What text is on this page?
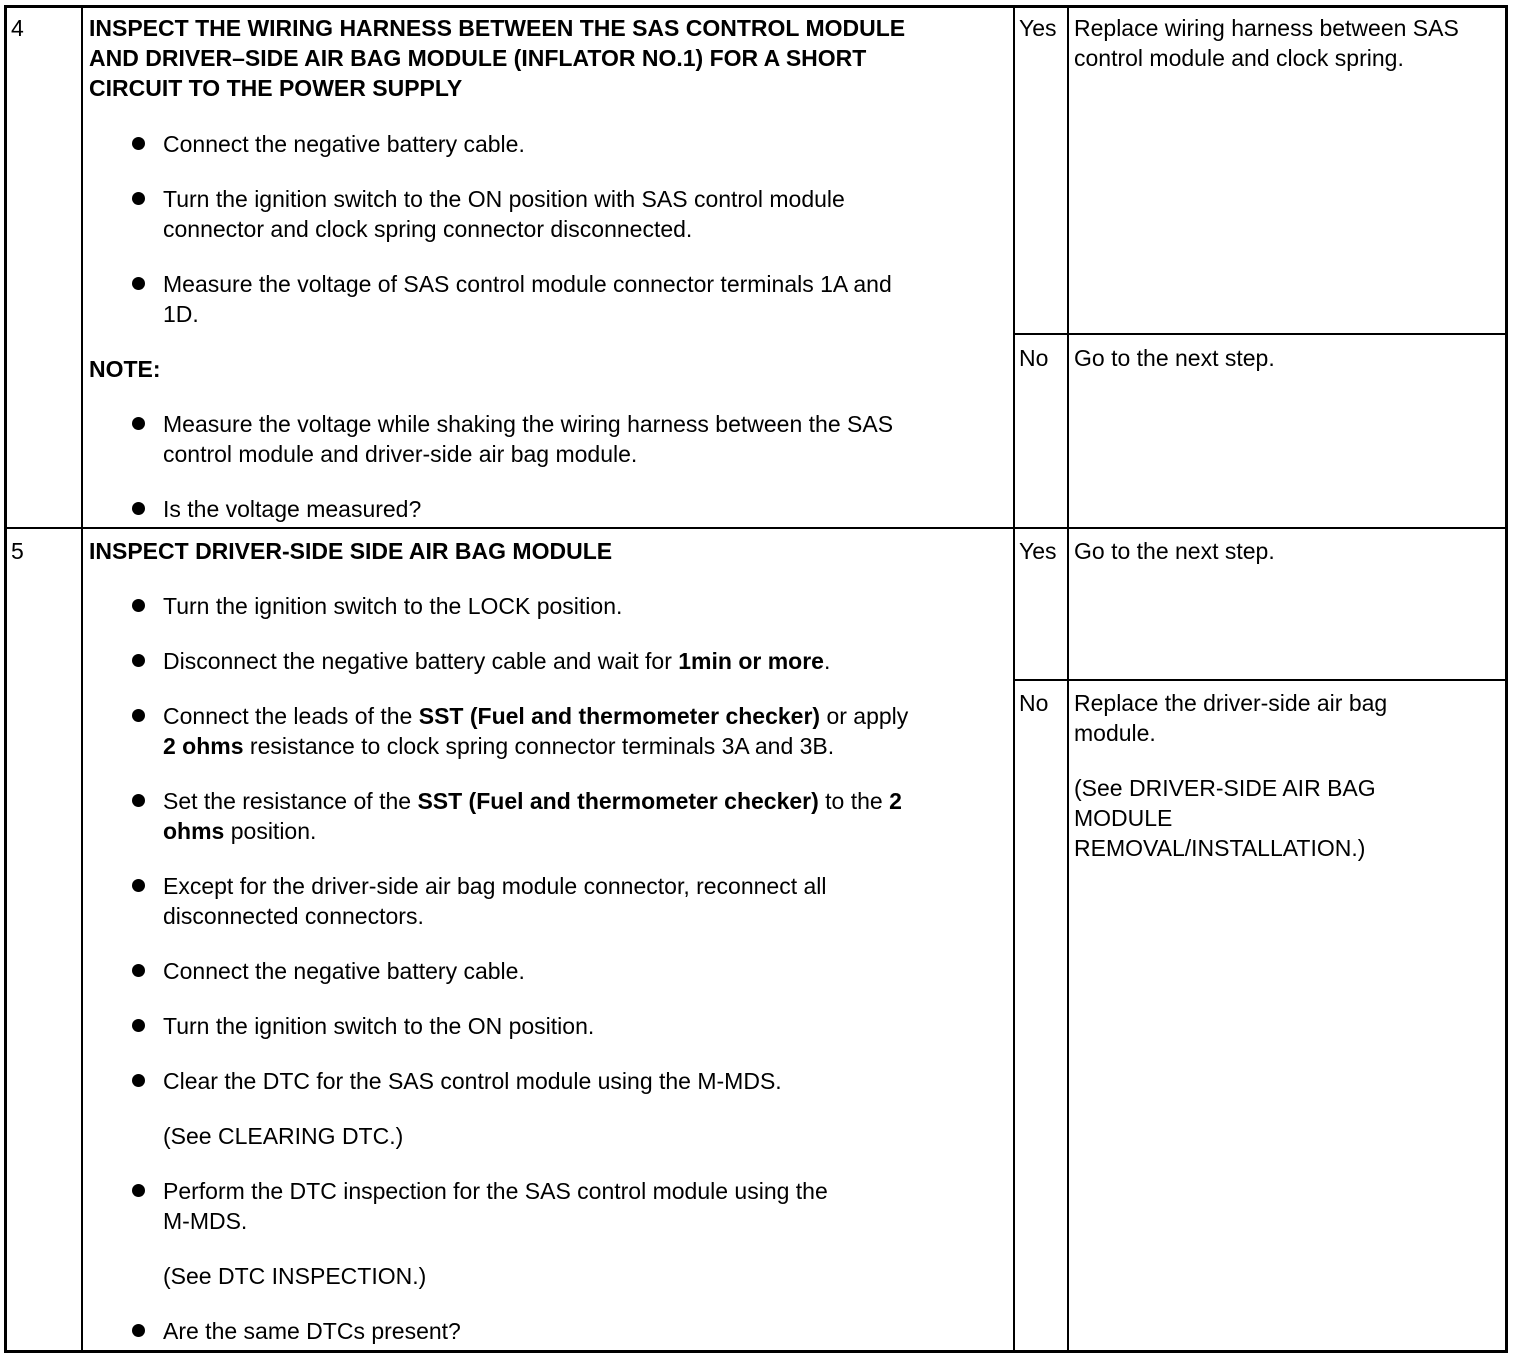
4	INSPECT THE WIRING HARNESS BETWEEN THE SAS CONTROL MODULE

AND DRIVER–SIDE AIR BAG MODULE (INFLATOR NO.1) FOR A SHORT

CIRCUIT TO THE POWER SUPPLY

Connect the negative battery cable.

Turn the ignition switch to the ON position with SAS control module

connector and clock spring connector disconnected.

Measure the voltage of SAS control module connector terminals 1A and

1D.

NOTE:

Measure the voltage while shaking the wiring harness between the SAS

control module and driver-side air bag module.

Is the voltage measured?

Yes Replace wiring harness between SAS

control module and clock spring.

No Go to the next step.

5	INSPECT DRIVER-SIDE SIDE AIR BAG MODULE

Turn the ignition switch to the LOCK position.

Disconnect the negative battery cable and wait for 1min or more.

Connect the leads of the SST (Fuel and thermometer checker) or apply

2 ohms resistance to clock spring connector terminals 3A and 3B.

Set the resistance of the SST (Fuel and thermometer checker) to the 2

ohms position.

Except for the driver-side air bag module connector, reconnect all

disconnected connectors.

Connect the negative battery cable.

Turn the ignition switch to the ON position.

Clear the DTC for the SAS control module using the M-MDS.

(See CLEARING DTC.)

Perform the DTC inspection for the SAS control module using the

M-MDS.

(See DTC INSPECTION.)

Are the same DTCs present?

Yes Go to the next step.

No Replace the driver-side air bag

module.

(See DRIVER-SIDE AIR BAG

MODULE

REMOVAL/INSTALLATION.)
